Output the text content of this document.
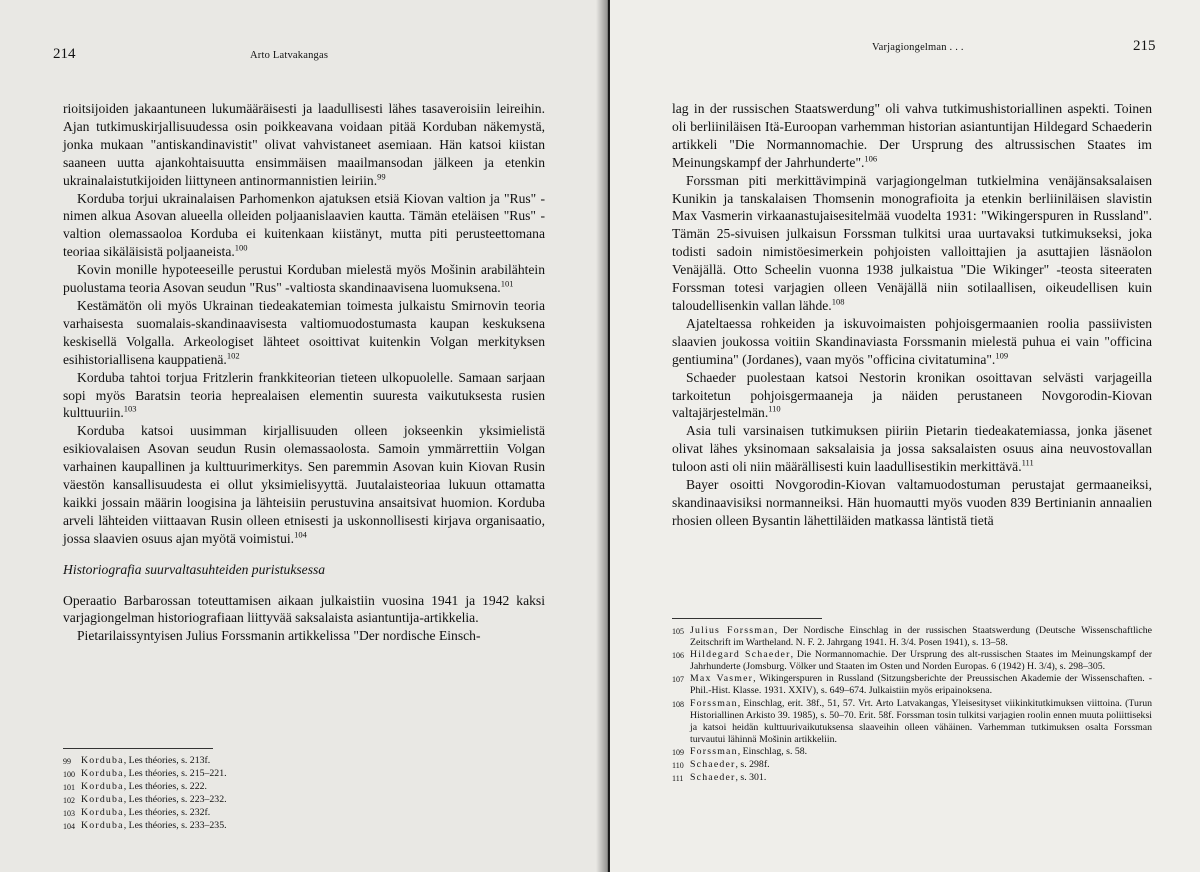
214	Arto Latvakangas

rioitsijoiden jakaantuneen lukumääräisesti ja laadullisesti lähes tasaveroisiin leireihin. Ajan tutkimuskirjallisuudessa osin poikkeavana voidaan pitää Korduban näkemystä, jonka mukaan "antiskandinavistit" olivat vahvistaneet asemiaan. Hän katsoi kiistan saaneen uutta ajankohtaisuutta ensimmäisen maailmansodan jälkeen ja etenkin ukrainalaistutkijoiden liittyneen antinormannistien leiriin.$^{99}$

Korduba torjui ukrainalaisen Parhomenkon ajatuksen etsiä Kiovan valtion ja "Rus" -nimen alkua Asovan alueella olleiden poljaanislaavien kautta. Tämän eteläisen "Rus" -valtion olemassaoloa Korduba ei kuitenkaan kiistänyt, mutta piti perusteettomana teoriaa sikäläisistä poljaaneista.$^{100}$

Kovin monille hypoteeseille perustui Korduban mielestä myös Mošinin arabilähtein puolustama teoria Asovan seudun "Rus" -valtiosta skandinaavisena luomuksena.$^{101}$

Kestämätön oli myös Ukrainan tiedeakatemian toimesta julkaistu Smirnovin teoria varhaisesta suomalais-skandinaavisesta valtiomuodostumasta kaupan keskuksena keskisellä Volgalla. Arkeologiset lähteet osoittivat kuitenkin Volgan merkityksen esihistoriallisena kauppatienä.$^{102}$

Korduba tahtoi torjua Fritzlerin frankkiteorian tieteen ulkopuolelle. Samaan sarjaan sopi myös Baratsin teoria heprealaisen elementin suuresta vaikutuksesta rusien kulttuuriin.$^{103}$

Korduba katsoi uusimman kirjallisuuden olleen jokseenkin yksimielistä esikiovalaisen Asovan seudun Rusin olemassaolosta. Samoin ymmärrettiin Volgan varhainen kaupallinen ja kulttuurimerkitys. Sen paremmin Asovan kuin Kiovan Rusin väestön kansallisuudesta ei ollut yksimielisyyttä. Juutalaisteoriaa lukuun ottamatta kaikki jossain määrin loogisina ja lähteisiin perustuvina ansaitsivat huomion. Korduba arveli lähteiden viittaavan Rusin olleen etnisesti ja uskonnollisesti kirjava organisaatio, jossa slaavien osuus ajan myötä voimistui.$^{104}$

Historiografia suurvaltasuhteiden puristuksessa

Operaatio Barbarossan toteuttamisen aikaan julkaistiin vuosina 1941 ja 1942 kaksi varjagiongelman historiografiaan liittyvää saksalaista asiantuntija-artikkelia.

Pietarilaissyntyisen Julius Forssmanin artikkelissa "Der nordische Einsch-

99	Korduba, Les théories, s. 213f.
100 Korduba, Les théories, s. 215–221.
101 Korduba, Les théories, s. 222.
102 Korduba, Les théories, s. 223–232.
103 Korduba, Les théories, s. 232f.
104 Korduba, Les théories, s. 233–235.
Varjagiongelman . . .	215

lag in der russischen Staatswerdung" oli vahva tutkimushistoriallinen aspekti. Toinen oli berliiniläisen Itä-Euroopan varhemman historian asiantuntijan Hildegard Schaederin artikkeli "Die Normannomachie. Der Ursprung des altrussischen Staates im Meinungskampf der Jahrhunderte".$^{106}$

Forssman piti merkittävimpinä varjagiongelman tutkielmina venäjänsaksalaisen Kunikin ja tanskalaisen Thomsenin monografioita ja etenkin berliiniläisen slavistin Max Vasmerin virkaanastujaisesitelmää vuodelta 1931: "Wikingerspuren in Russland". Tämän 25-sivuisen julkaisun Forssman tulkitsi uraa uurtavaksi tutkimukseksi, joka todisti sadoin nimistöesimerkein pohjoisten valloittajien ja asuttajien läsnäolon Venäjällä. Otto Scheelin vuonna 1938 julkaistua "Die Wikinger" -teosta siteeraten Forssman totesi varjagien olleen Venäjällä niin sotilaallisen, oikeudellisen kuin taloudellisenkin vallan lähde.$^{108}$

Ajateltaessa rohkeiden ja iskuvoimaisten pohjoisgermaanien roolia passiivisten slaavien joukossa voitiin Skandinaviasta Forssmanin mielestä puhua ei vain "officina gentiumina" (Jordanes), vaan myös "officina civitatumina".$^{109}$

Schaeder puolestaan katsoi Nestorin kronikan osoittavan selvästi varjageilla tarkoitetun pohjoisgermaaneja ja näiden perustaneen Novgorodin-Kiovan valtajärjestelmän.$^{110}$

Asia tuli varsinaisen tutkimuksen piiriin Pietarin tiedeakatemiassa, jonka jäsenet olivat lähes yksinomaan saksalaisia ja jossa saksalaisten osuus aina neuvostovallan tuloon asti oli niin määrällisesti kuin laadullisestikin merkittävä.$^{111}$

Bayer osoitti Novgorodin-Kiovan valtamuodostuman perustajat germaaneiksi, skandinaavisiksi normanneiksi. Hän huomautti myös vuoden 839 Bertinianin annaalien rhosien olleen Bysantin lähettiläiden matkassa läntistä tietä

105 Julius Forssman, Der Nordische Einschlag in der russischen Staatswerdung (Deutsche Wissenschaftliche Zeitschrift im Wartheland. N. F. 2. Jahrgang 1941. H. 3/4. Posen 1941), s. 13–58.
106 Hildegard Schaeder, Die Normannomachie. Der Ursprung des alt-russischen Staates im Meinungskampf der Jahrhunderte (Jomsburg. Völker und Staaten im Osten und Norden Europas. 6 (1942) H. 3/4), s. 298–305.
107 Max Vasmer, Wikingerspuren in Russland (Sitzungsberichte der Preussischen Akademie der Wissenschaften. -Phil.-Hist. Klasse. 1931. XXIV), s. 649–674. Julkaistiin myös eripainoksena.
108 Forssman, Einschlag, erit. 38f., 51, 57. Vrt. Arto Latvakangas, Yleisesityset viikinkitutkimuksen viittoina. (Turun Historiallinen Arkisto 39. 1985), s. 50–70. Erit. 58f. Forssman tosin tulkitsi varjagien roolin ennen muuta poliittiseksi ja katsoi heidän kulttuurivaikutuksensa slaaveihin olleen vähäinen. Varhemman tutkimuksen osalta Forssman turvautui lähinnä Mošinin artikkeliin.
109 Forssman, Einschlag, s. 58.
110 Schaeder, s. 298f.
111 Schaeder, s. 301.
